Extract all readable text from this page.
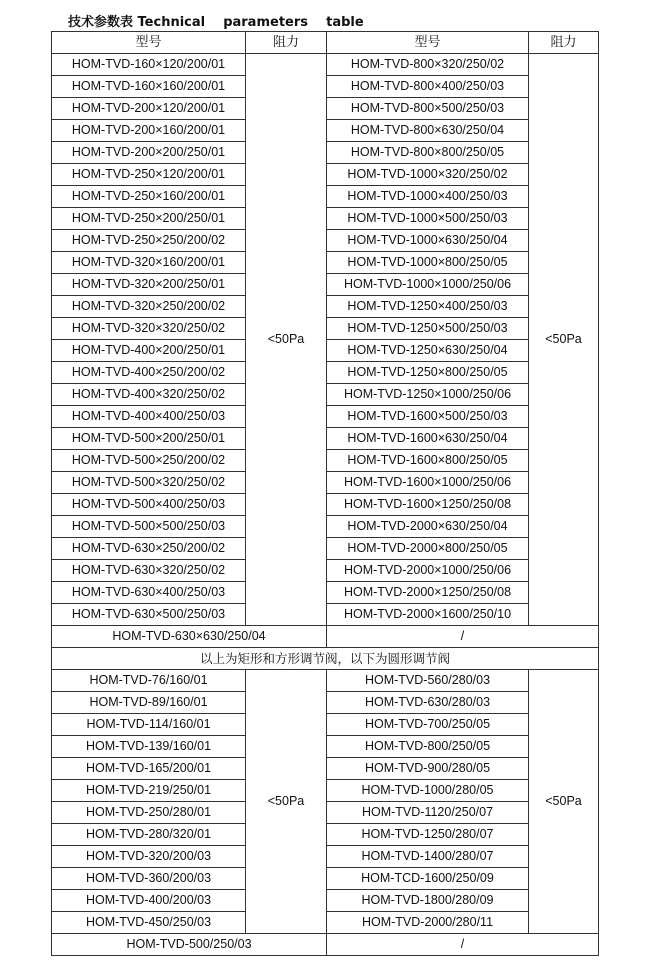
技术参数表 Technical    parameters    table
型号	阻力	型号	阻力
HOM-TVD-160×120/200/01	<50Pa	HOM-TVD-800×320/250/02	<50Pa
HOM-TVD-160×160/200/01		HOM-TVD-800×400/250/03	
HOM-TVD-200×120/200/01		HOM-TVD-800×500/250/03	
HOM-TVD-200×160/200/01		HOM-TVD-800×630/250/04	
HOM-TVD-200×200/250/01		HOM-TVD-800×800/250/05	
HOM-TVD-250×120/200/01		HOM-TVD-1000×320/250/02	
HOM-TVD-250×160/200/01		HOM-TVD-1000×400/250/03	
HOM-TVD-250×200/250/01		HOM-TVD-1000×500/250/03	
HOM-TVD-250×250/200/02		HOM-TVD-1000×630/250/04	
HOM-TVD-320×160/200/01		HOM-TVD-1000×800/250/05	
HOM-TVD-320×200/250/01		HOM-TVD-1000×1000/250/06	
HOM-TVD-320×250/200/02		HOM-TVD-1250×400/250/03	
HOM-TVD-320×320/250/02		HOM-TVD-1250×500/250/03	
HOM-TVD-400×200/250/01		HOM-TVD-1250×630/250/04	
HOM-TVD-400×250/200/02		HOM-TVD-1250×800/250/05	
HOM-TVD-400×320/250/02		HOM-TVD-1250×1000/250/06	
HOM-TVD-400×400/250/03		HOM-TVD-1600×500/250/03	
HOM-TVD-500×200/250/01		HOM-TVD-1600×630/250/04	
HOM-TVD-500×250/200/02		HOM-TVD-1600×800/250/05	
HOM-TVD-500×320/250/02		HOM-TVD-1600×1000/250/06	
HOM-TVD-500×400/250/03		HOM-TVD-1600×1250/250/08	
HOM-TVD-500×500/250/03		HOM-TVD-2000×630/250/04	
HOM-TVD-630×250/200/02		HOM-TVD-2000×800/250/05	
HOM-TVD-630×320/250/02		HOM-TVD-2000×1000/250/06	
HOM-TVD-630×400/250/03		HOM-TVD-2000×1250/250/08	
HOM-TVD-630×500/250/03		HOM-TVD-2000×1600/250/10	
HOM-TVD-630×630/250/04		/	
以上为矩形和方形调节阀，以下为圆形调节阀			
HOM-TVD-76/160/01	<50Pa	HOM-TVD-560/280/03	<50Pa
HOM-TVD-89/160/01		HOM-TVD-630/280/03	
HOM-TVD-114/160/01		HOM-TVD-700/250/05	
HOM-TVD-139/160/01		HOM-TVD-800/250/05	
HOM-TVD-165/200/01		HOM-TVD-900/280/05	
HOM-TVD-219/250/01		HOM-TVD-1000/280/05	
HOM-TVD-250/280/01		HOM-TVD-1120/250/07	
HOM-TVD-280/320/01		HOM-TVD-1250/280/07	
HOM-TVD-320/200/03		HOM-TVD-1400/280/07	
HOM-TVD-360/200/03		HOM-TCD-1600/250/09	
HOM-TVD-400/200/03		HOM-TVD-1800/280/09	
HOM-TVD-450/250/03		HOM-TVD-2000/280/11	
HOM-TVD-500/250/03		/	
